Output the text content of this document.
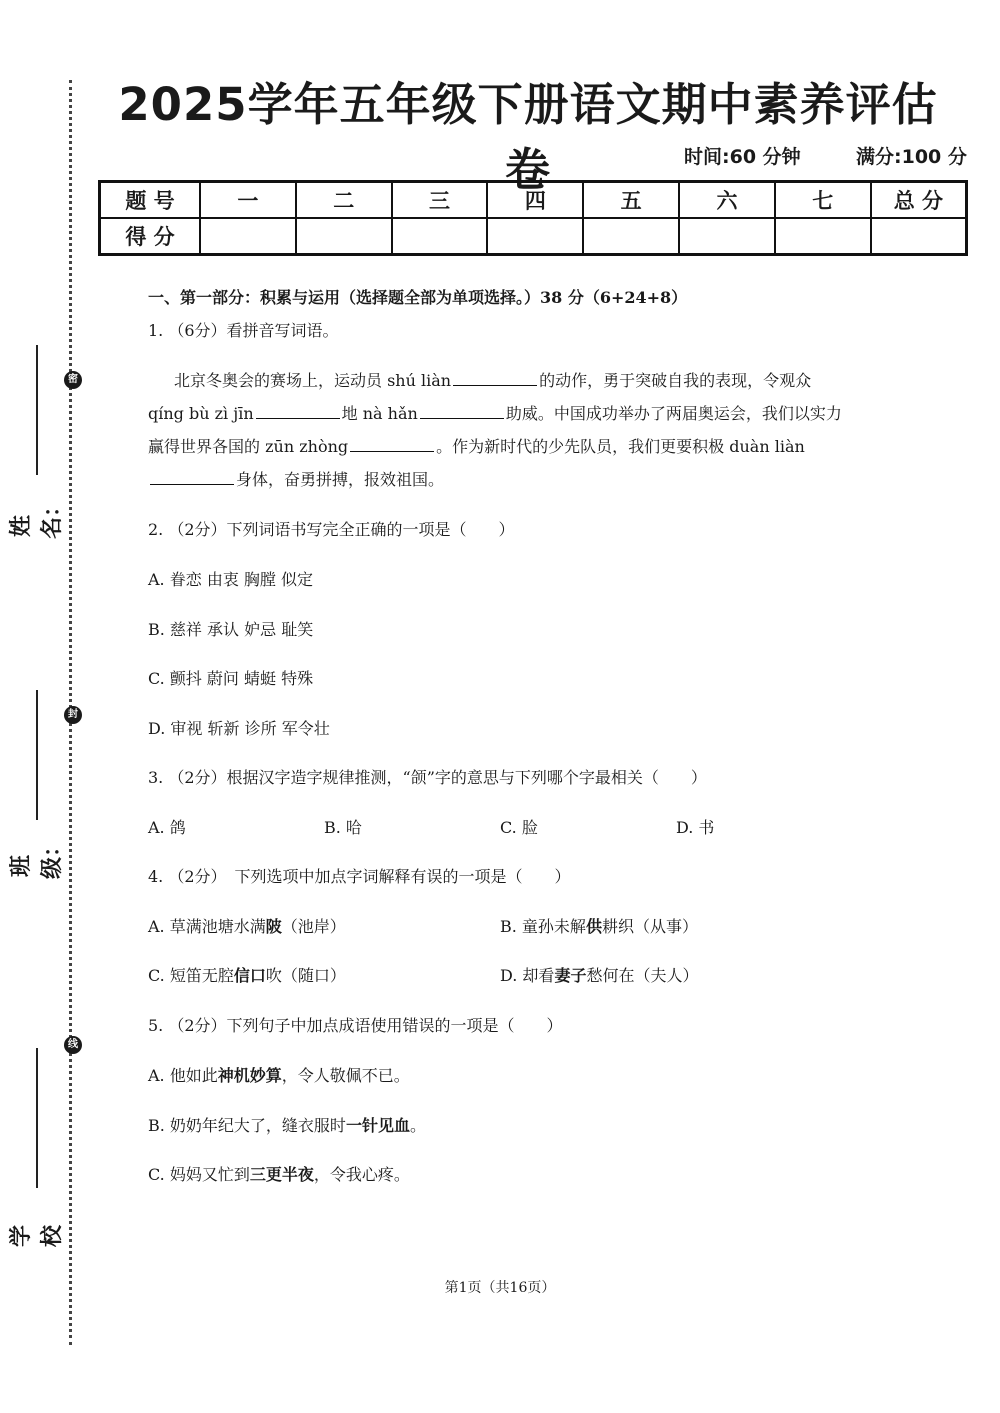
密
封
线
姓名：
班级：
学校
2025学年五年级下册语文期中素养评估卷	时间:60 分钟	满分:100 分
题 号	一	二	三	四	五	六	七	总 分
得 分								
一、第一部分：积累与运用（选择题全部为单项选择。）38 分（6+24+8）
1. （6分）看拼音写词语。
北京冬奥会的赛场上，运动员 shú liàn	的动作，勇于突破自我的表现，令观众
qíng bù zì jīn	地 nà hǎn	助威。中国成功举办了两届奥运会，我们以实力
赢得世界各国的 zūn zhòng	。作为新时代的少先队员，我们更要积极 duàn liàn
身体，奋勇拼搏，报效祖国。
2. （2分）下列词语书写完全正确的一项是（　　）
A. 眷恋 由衷 胸膛 似定
B. 慈祥 承认 妒忌 耻笑
C. 颤抖 蔚问 蜻蜓 特殊
D. 审视 斩新 诊所 军令壮
3. （2分）根据汉字造字规律推测，“颌”字的意思与下列哪个字最相关（　　）
A. 鸽	B. 哈	C. 脸	D. 书
4. （2分）　下列选项中加点字词解释有误的一项是（　　）
A. 草满池塘水满陂（池岸）	B. 童孙未解供耕织（从事）
C. 短笛无腔信口吹（随口）	D. 却看妻子愁何在（夫人）
5. （2分）下列句子中加点成语使用错误的一项是（　　）
A. 他如此神机妙算，令人敬佩不已。
B. 奶奶年纪大了，缝衣服时一针见血。
C. 妈妈又忙到三更半夜，令我心疼。
第1页（共16页）
